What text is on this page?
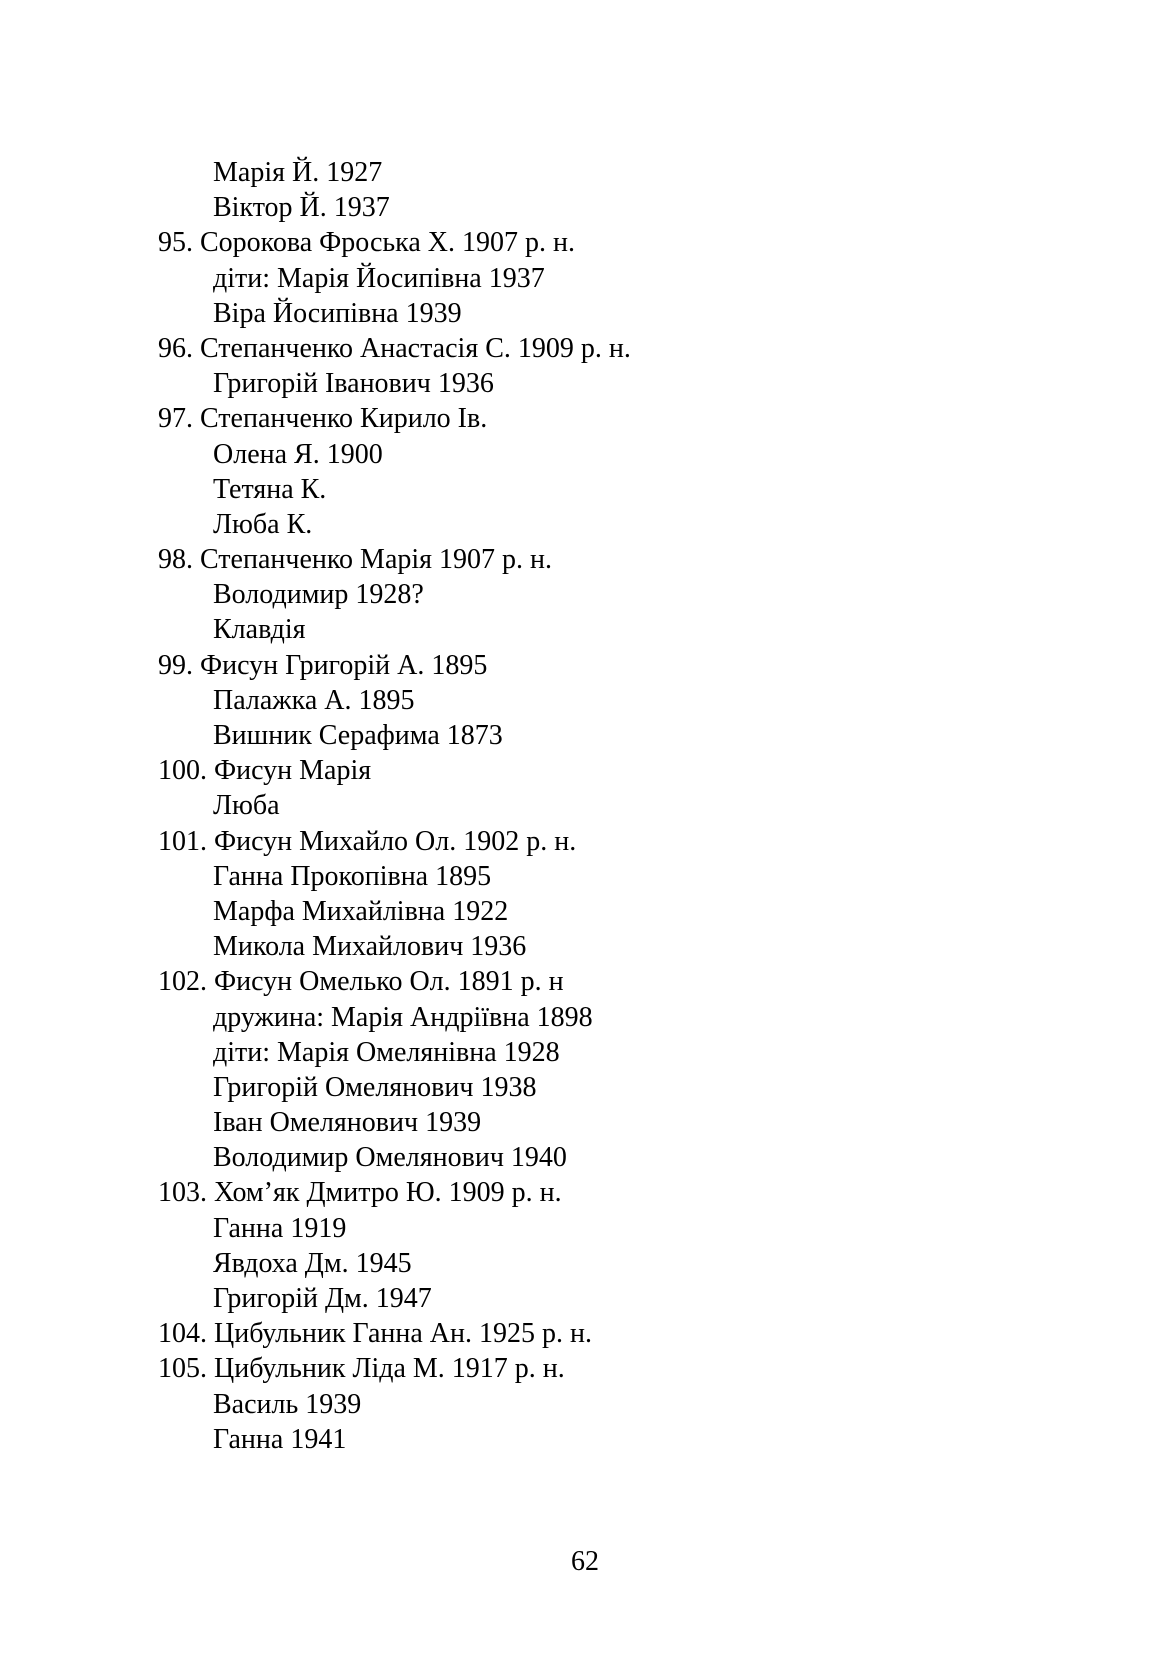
Марія Й. 1927
Віктор Й. 1937
95. Сорокова Фроська Х. 1907 р. н.
діти: Марія Йосипівна 1937
Віра Йосипівна 1939
96. Степанченко Анастасія С. 1909 р. н.
Григорій Іванович 1936
97. Степанченко Кирило Ів.
Олена Я. 1900
Тетяна К.
Люба К.
98. Степанченко Марія 1907 р. н.
Володимир 1928?
Клавдія
99. Фисун Григорій А. 1895
Палажка А. 1895
Вишник Серафима 1873
100. Фисун Марія
Люба
101. Фисун Михайло Ол. 1902 р. н.
Ганна Прокопівна 1895
Марфа Михайлівна 1922
Микола Михайлович 1936
102. Фисун Омелько Ол. 1891 р. н
дружина: Марія Андріївна 1898
діти: Марія Омелянівна 1928
Григорій Омелянович 1938
Іван Омелянович 1939
Володимир Омелянович 1940
103. Хом’як Дмитро Ю. 1909 р. н.
Ганна 1919
Явдоха Дм. 1945
Григорій Дм. 1947
104. Цибульник Ганна Ан. 1925 р. н.
105. Цибульник Ліда М. 1917 р. н.
Василь 1939
Ганна 1941
62
